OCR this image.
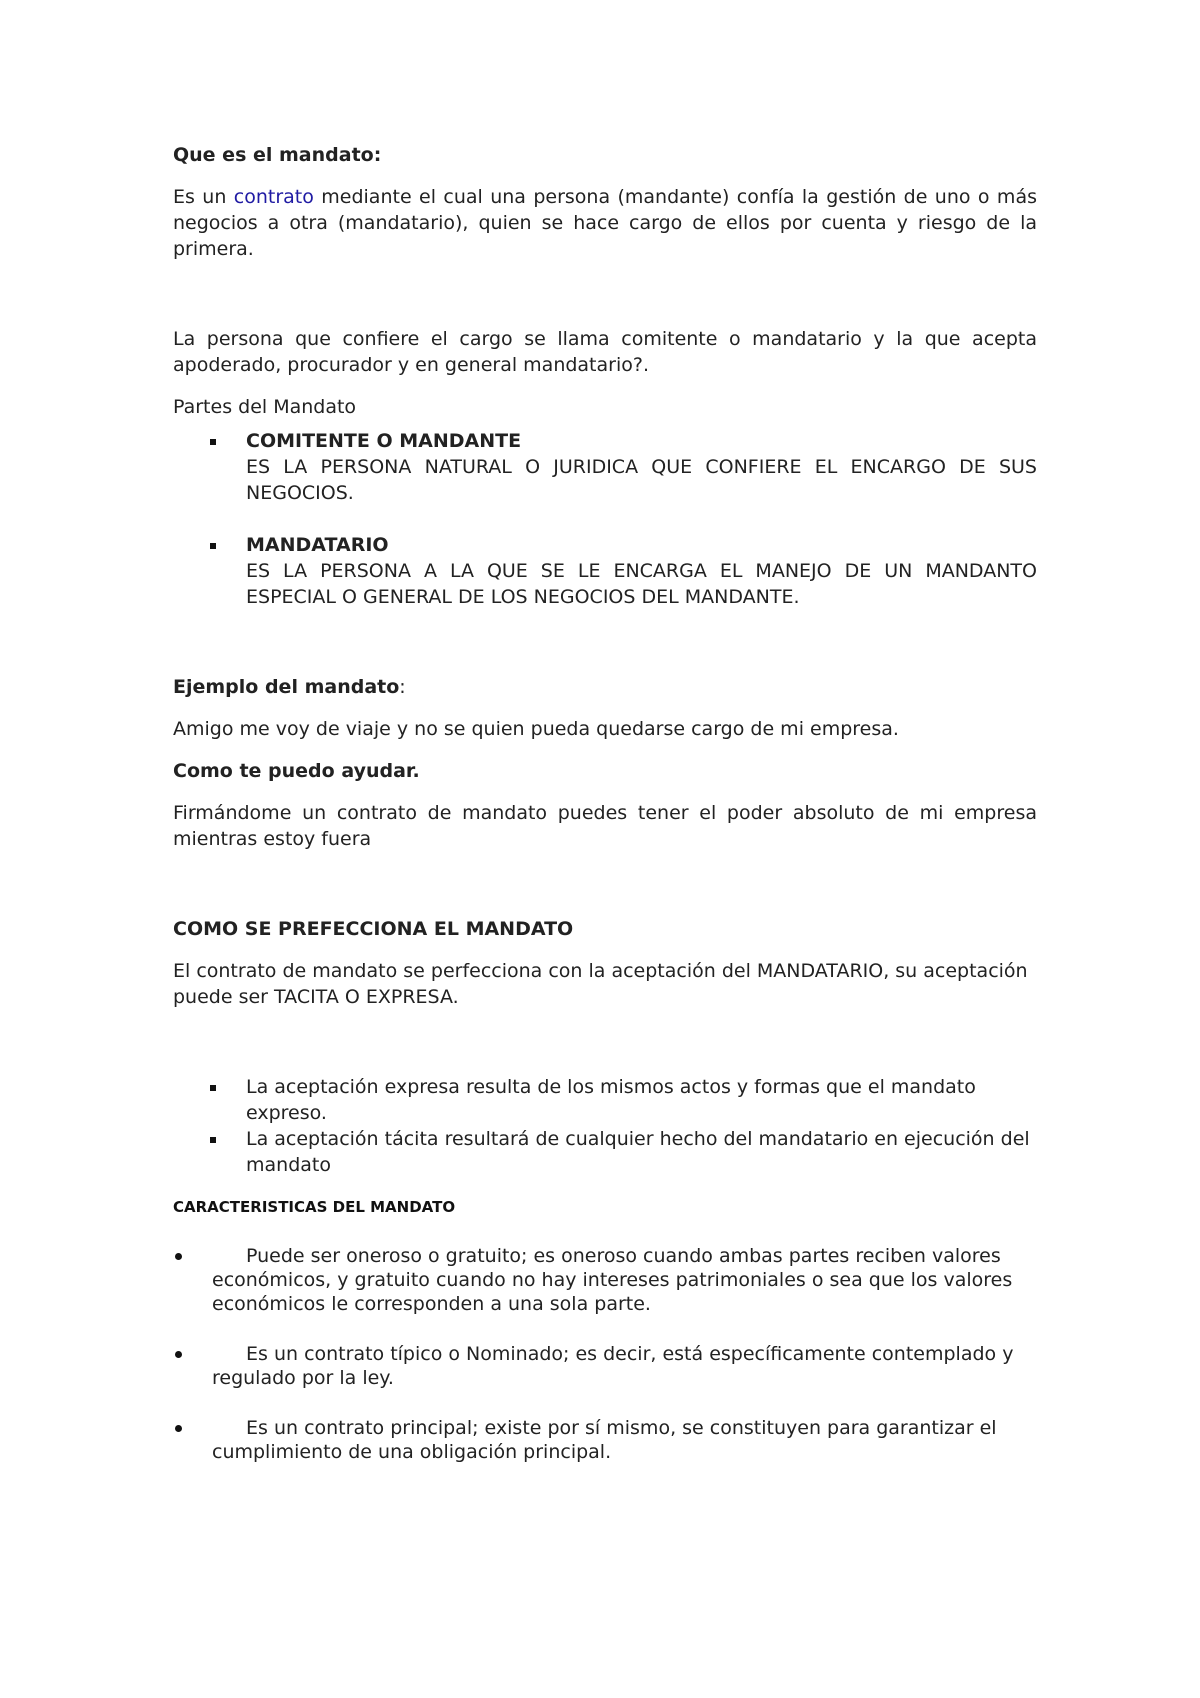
Que es el mandato:

Es un contrato mediante el cual una persona (mandante) confía la gestión de uno o más negocios a otra (mandatario), quien se hace cargo de ellos por cuenta y riesgo de la primera.

La persona que confiere el cargo se llama comitente o mandatario y la que acepta apoderado, procurador y en general mandatario?.

Partes del Mandato

COMITENTE O MANDANTE
ES LA PERSONA NATURAL O JURIDICA QUE CONFIERE EL ENCARGO DE SUS NEGOCIOS.
MANDATARIO
ES LA PERSONA A LA QUE SE LE ENCARGA EL MANEJO DE UN MANDANTO ESPECIAL O GENERAL DE LOS NEGOCIOS DEL MANDANTE.

Ejemplo del mandato:

Amigo me voy de viaje y no se quien pueda quedarse cargo de mi empresa.

Como te puedo ayudar.

Firmándome un contrato de mandato puedes tener el poder absoluto de mi empresa mientras estoy fuera

COMO SE PREFECCIONA EL MANDATO

El contrato de mandato se perfecciona con la aceptación del MANDATARIO, su aceptación puede ser TACITA O EXPRESA.

La aceptación expresa resulta de los mismos actos y formas que el mandato expreso.
La aceptación tácita resultará de cualquier hecho del mandatario en ejecución del mandato

CARACTERISTICAS DEL MANDATO

Puede ser oneroso o gratuito; es oneroso cuando ambas partes reciben valores económicos, y gratuito cuando no hay intereses patrimoniales o sea que los valores económicos le corresponden a una sola parte.
Es un contrato típico o Nominado; es decir, está específicamente contemplado y regulado por la ley.
Es un contrato principal; existe por sí mismo, se constituyen para garantizar el cumplimiento de una obligación principal.
